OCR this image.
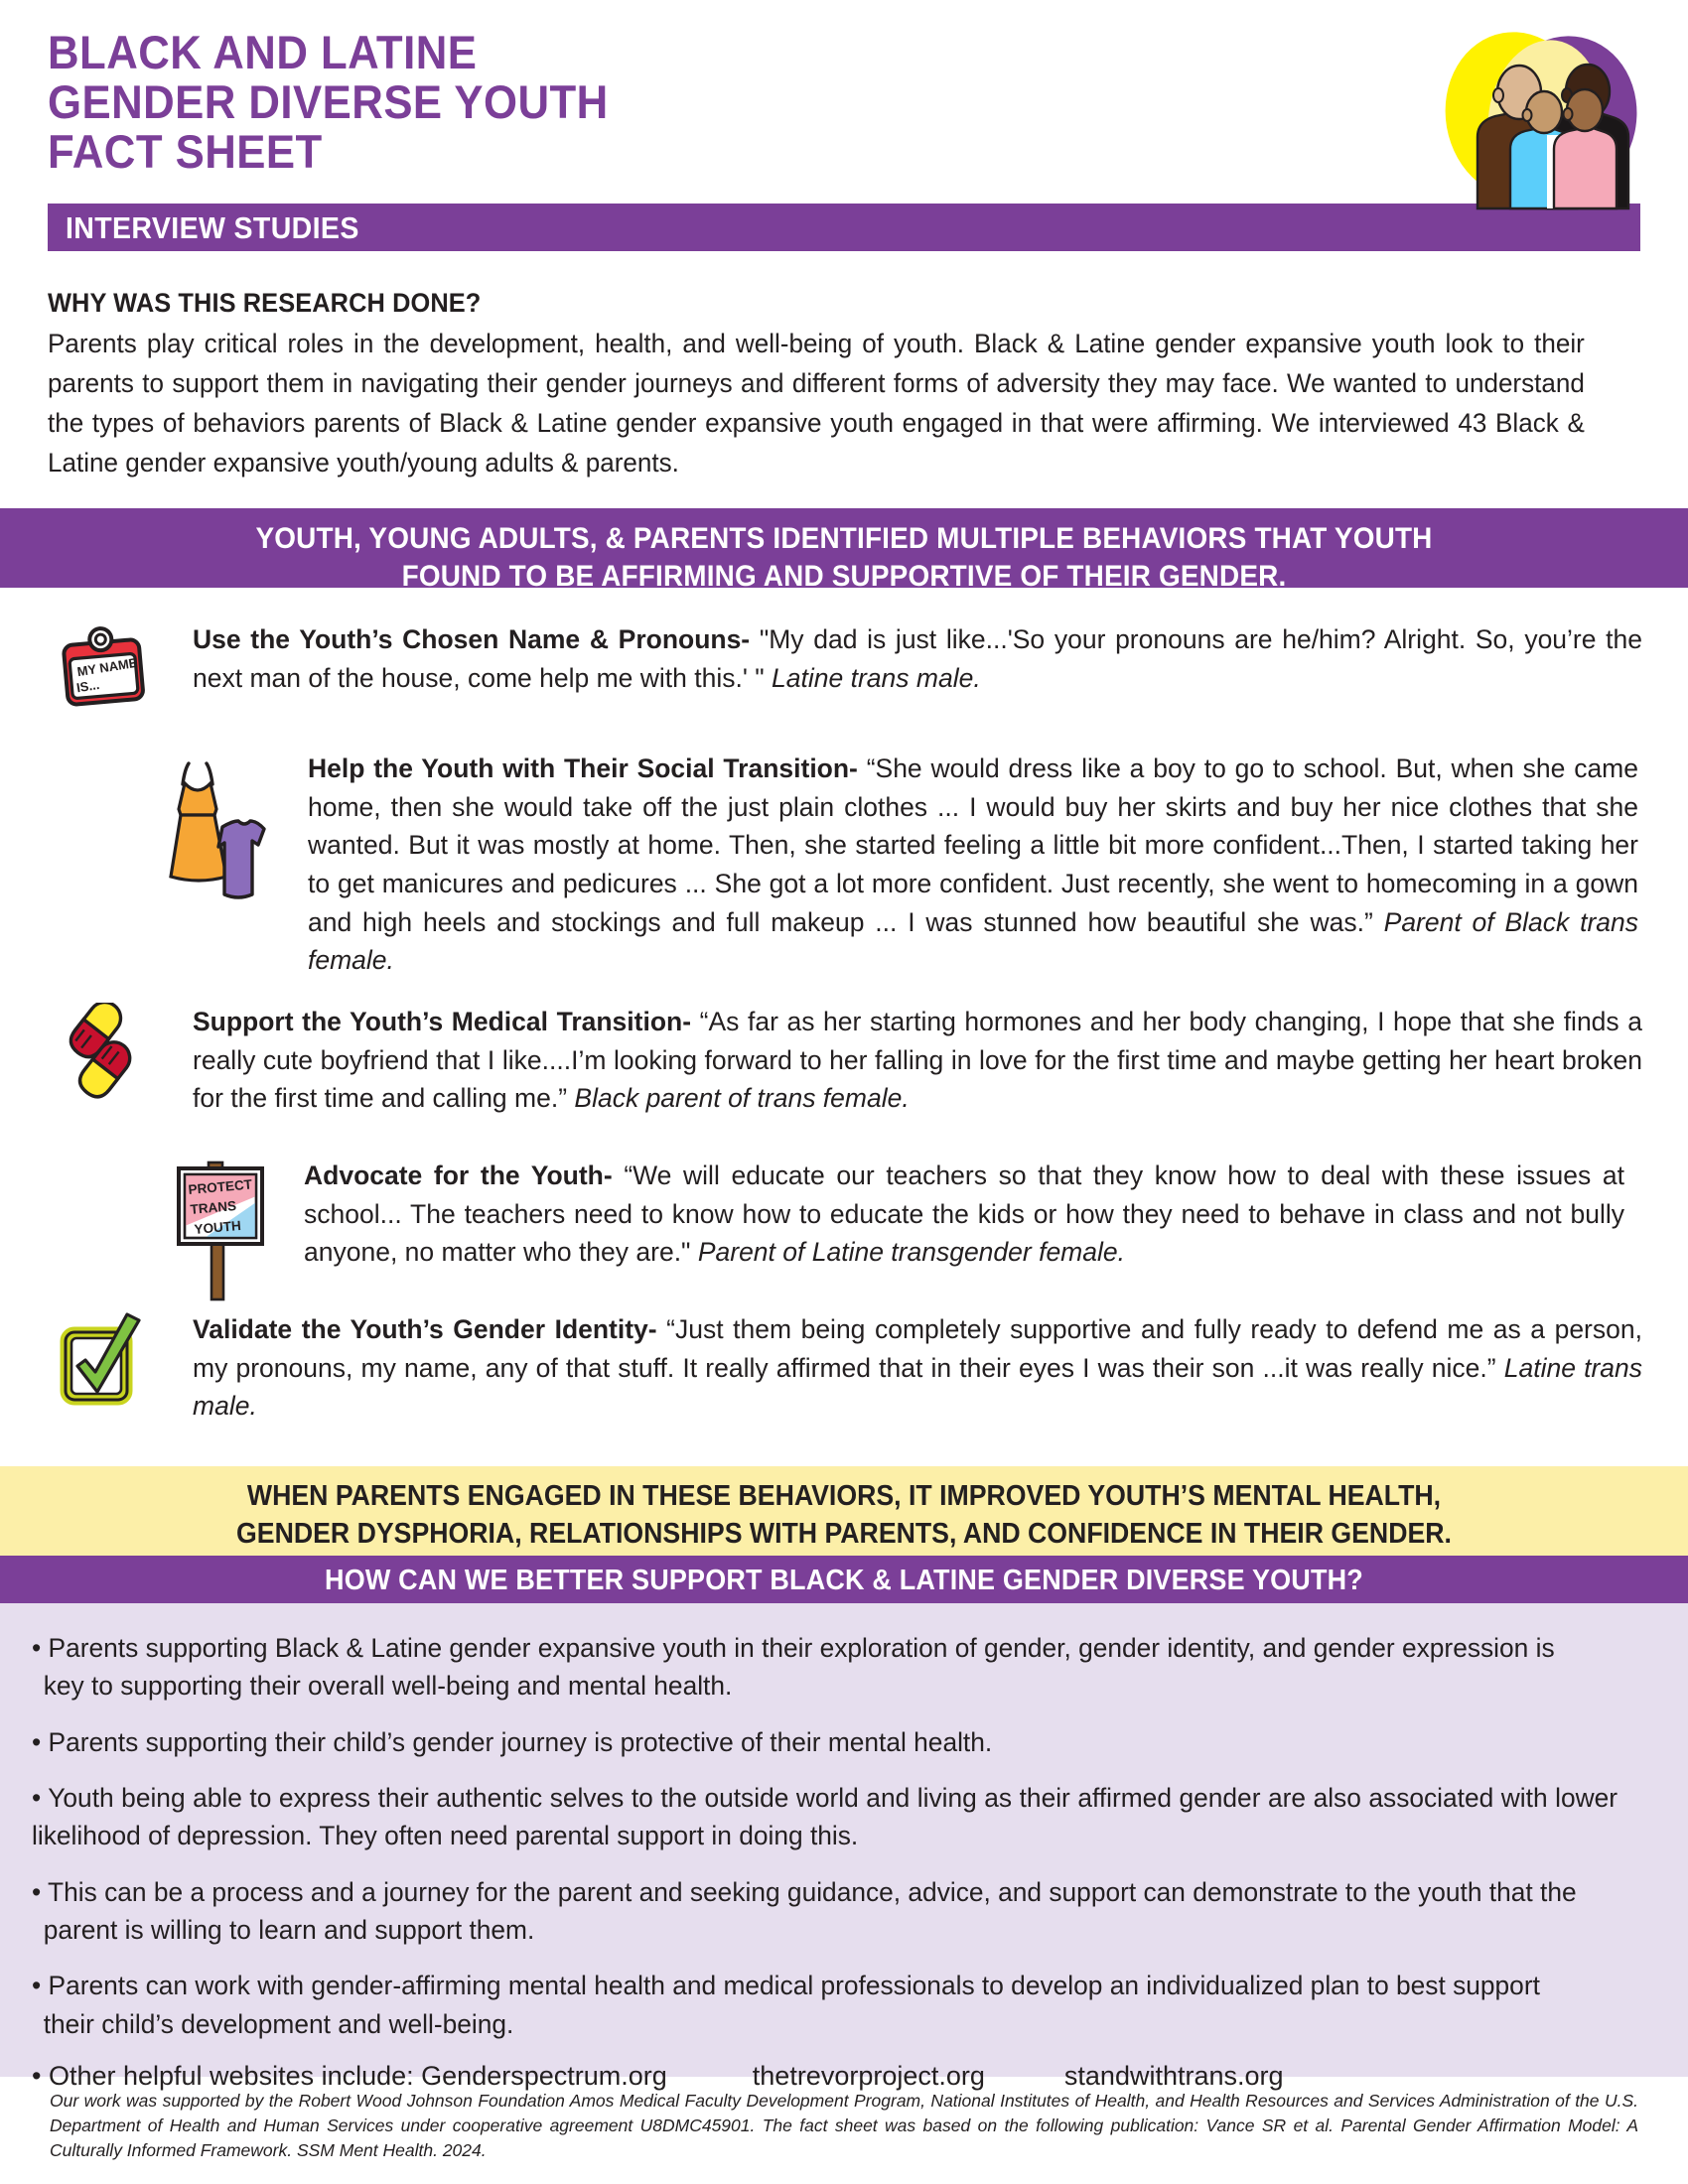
BLACK AND LATINE
GENDER DIVERSE YOUTH
FACT SHEET
INTERVIEW STUDIES
WHY WAS THIS RESEARCH DONE?

Parents play critical roles in the development, health, and well-being of youth. Black & Latine gender expansive youth look to their parents to support them in navigating their gender journeys and different forms of adversity they may face. We wanted to understand the types of behaviors parents of Black & Latine gender expansive youth engaged in that were affirming. We interviewed 43 Black & Latine gender expansive youth/young adults & parents.

YOUTH, YOUNG ADULTS, & PARENTS IDENTIFIED MULTIPLE BEHAVIORS THAT YOUTH
FOUND TO BE AFFIRMING AND SUPPORTIVE OF THEIR GENDER.
MY NAME
IS...
Use the Youth’s Chosen Name & Pronouns- "My dad is just like...'So your pronouns are he/him? Alright. So, you’re the next man of the house, come help me with this.' " Latine trans male.
Help the Youth with Their Social Transition- “She would dress like a boy to go to school. But, when she came home, then she would take off the just plain clothes ... I would buy her skirts and buy her nice clothes that she wanted. But it was mostly at home. Then, she started feeling a little bit more confident...Then, I started taking her to get manicures and pedicures ... She got a lot more confident. Just recently, she went to homecoming in a gown and high heels and stockings and full makeup ... I was stunned how beautiful she was.” Parent of Black trans female.
Support the Youth’s Medical Transition- “As far as her starting hormones and her body changing, I hope that she finds a really cute boyfriend that I like....I’m looking forward to her falling in love for the first time and maybe getting her heart broken for the first time and calling me.” Black parent of trans female.
PROTECT
TRANS
YOUTH
Advocate for the Youth- “We will educate our teachers so that they know how to deal with these issues at school... The teachers need to know how to educate the kids or how they need to behave in class and not bully anyone, no matter who they are." Parent of Latine transgender female.
Validate the Youth’s Gender Identity- “Just them being completely supportive and fully ready to defend me as a person, my pronouns, my name, any of that stuff. It really affirmed that in their eyes I was their son ...it was really nice.” Latine trans male.
WHEN PARENTS ENGAGED IN THESE BEHAVIORS, IT IMPROVED YOUTH’S MENTAL HEALTH,
GENDER DYSPHORIA, RELATIONSHIPS WITH PARENTS, AND CONFIDENCE IN THEIR GENDER.
HOW CAN WE BETTER SUPPORT BLACK & LATINE GENDER DIVERSE YOUTH?
• Parents supporting Black & Latine gender expansive youth in their exploration of gender, gender identity, and gender expression is
key to supporting their overall well-being and mental health.
• Parents supporting their child’s gender journey is protective of their mental health.
• Youth being able to express their authentic selves to the outside world and living as their affirmed gender are also associated with lower likelihood of depression. They often need parental support in doing this.
• This can be a process and a journey for the parent and seeking guidance, advice, and support can demonstrate to the youth that the
parent is willing to learn and support them.
• Parents can work with gender-affirming mental health and medical professionals to develop an individualized plan to best support
their child’s development and well-being.
• Other helpful websites include: Genderspectrum.org	thetrevorproject.org	standwithtrans.org
Our work was supported by the Robert Wood Johnson Foundation Amos Medical Faculty Development Program, National Institutes of Health, and Health Resources and Services Administration of the U.S. Department of Health and Human Services under cooperative agreement U8DMC45901. The fact sheet was based on the following publication: Vance SR et al. Parental Gender Affirmation Model: A Culturally Informed Framework. SSM Ment Health. 2024.
